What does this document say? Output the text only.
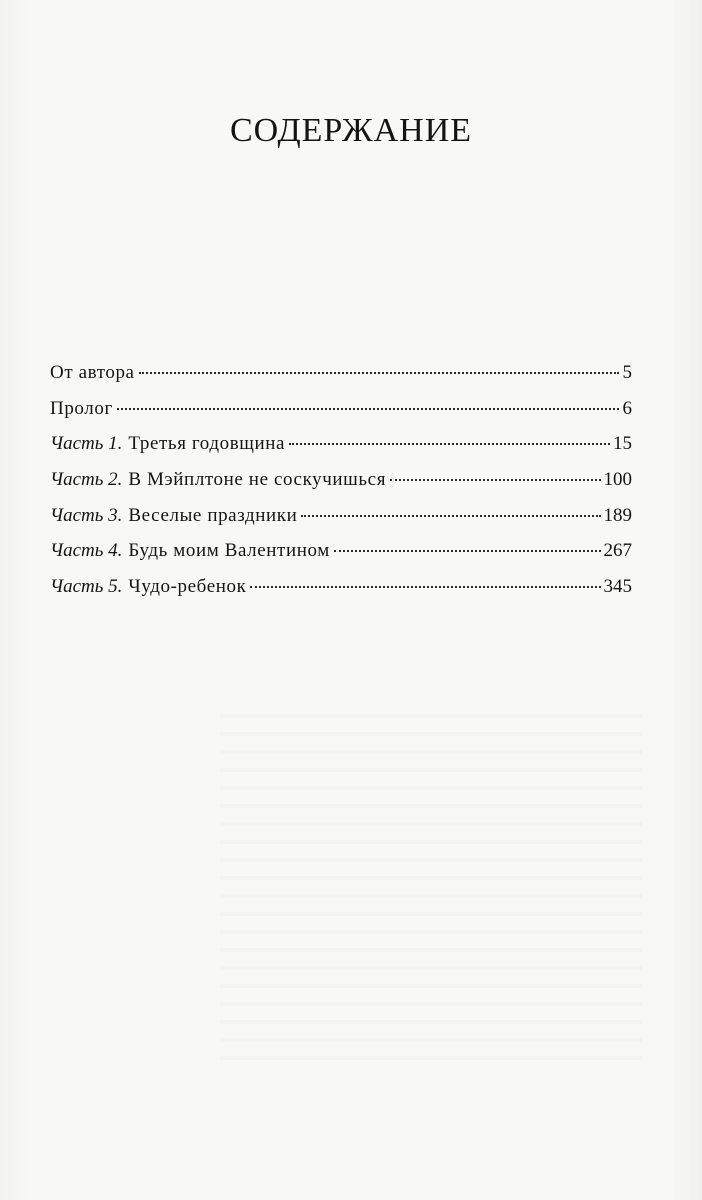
СОДЕРЖАНИЕ
От автора	5
Пролог	6
Часть 1. Третья годовщина	15
Часть 2. В Мэйплтоне не соскучишься	100
Часть 3. Веселые праздники	189
Часть 4. Будь моим Валентином	267
Часть 5. Чудо-ребенок	345
